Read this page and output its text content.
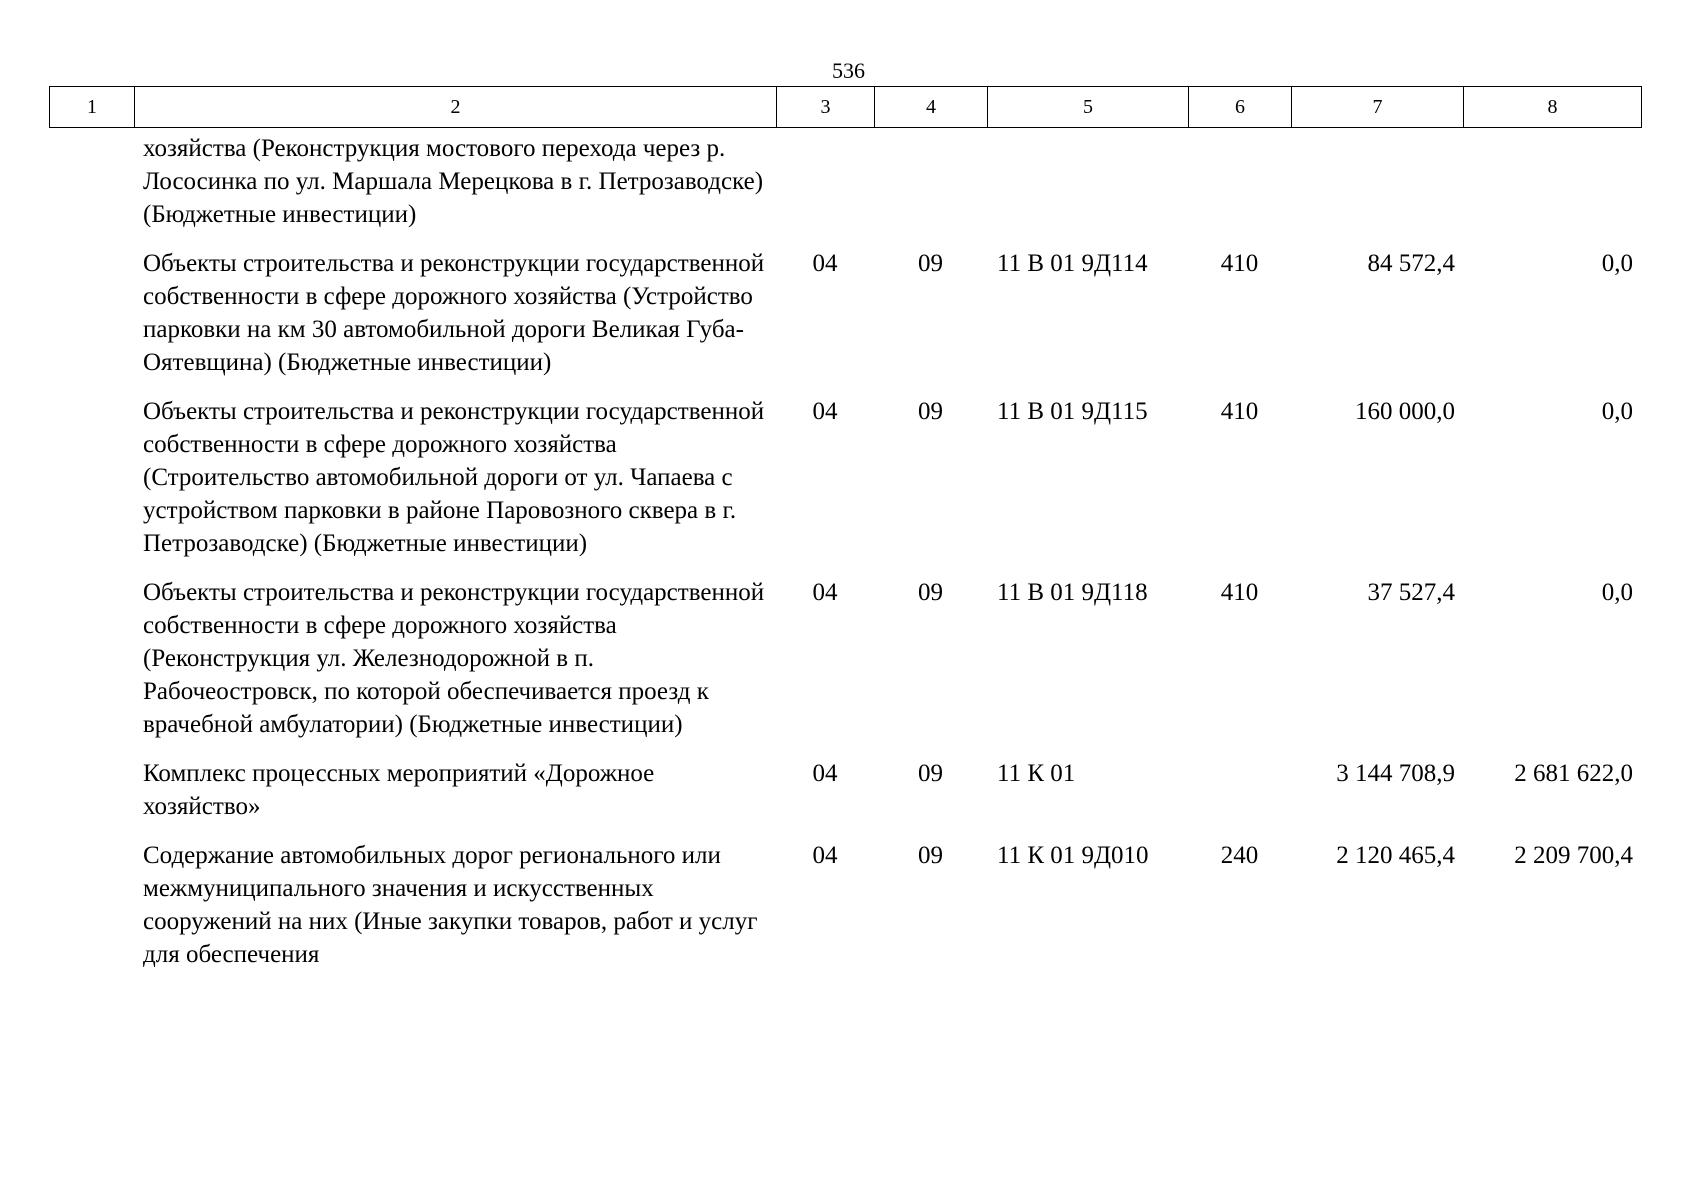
536
1	2	3	4	5	6	7	8
хозяйства (Реконструкция мостового перехода через р. Лососинка по ул. Маршала Мерецкова в г. Петрозаводске) (Бюджетные инвестиции)						
Объекты строительства и реконструкции государственной собственности в сфере дорожного хозяйства (Устройство парковки на км 30 автомобильной дороги Великая Губа-Оятевщина) (Бюджетные инвестиции)	04	09	11 В 01 9Д114	410	84 572,4	0,0
Объекты строительства и реконструкции государственной собственности в сфере дорожного хозяйства (Строительство автомобильной дороги от ул. Чапаева с устройством парковки в районе Паровозного сквера в г. Петрозаводске) (Бюджетные инвестиции)	04	09	11 В 01 9Д115	410	160 000,0	0,0
Объекты строительства и реконструкции государственной собственности в сфере дорожного хозяйства (Реконструкция ул. Железнодорожной в п. Рабочеостровск, по которой обеспечивается проезд к врачебной амбулатории) (Бюджетные инвестиции)	04	09	11 В 01 9Д118	410	37 527,4	0,0
Комплекс процессных мероприятий «Дорожное хозяйство»	04	09	11 К 01		3 144 708,9	2 681 622,0
Содержание автомобильных дорог регионального или межмуниципального значения и искусственных сооружений на них (Иные закупки товаров, работ и услуг для обеспечения	04	09	11 К 01 9Д010	240	2 120 465,4	2 209 700,4
